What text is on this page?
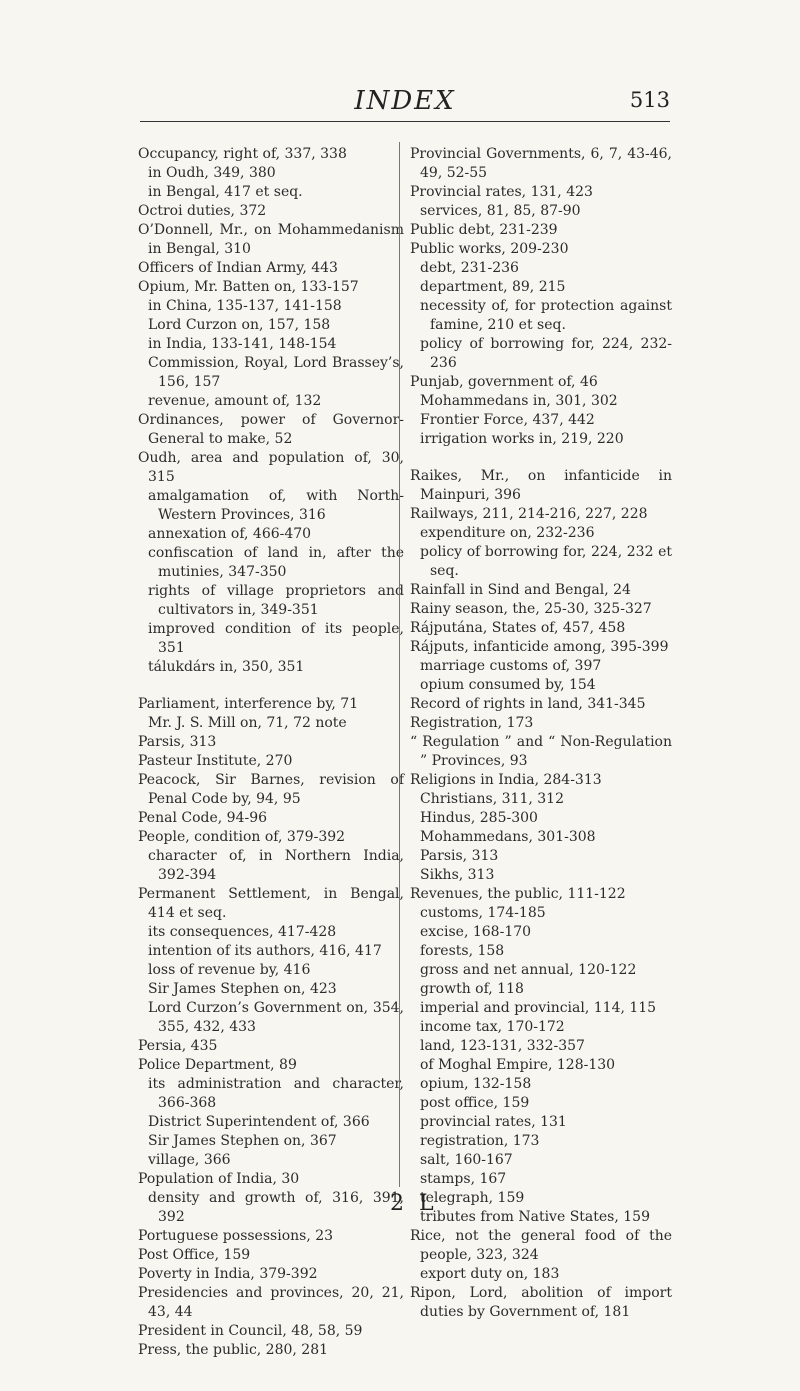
INDEX	513

Occupancy, right of, 337, 338

in Oudh, 349, 380

in Bengal, 417 et seq.

Octroi duties, 372

O’Donnell, Mr., on Mohammedanism in Bengal, 310

Officers of Indian Army, 443

Opium, Mr. Batten on, 133-157

in China, 135-137, 141-158

Lord Curzon on, 157, 158

in India, 133-141, 148-154

Commission, Royal, Lord Brassey’s, 156, 157

revenue, amount of, 132

Ordinances, power of Governor-General to make, 52

Oudh, area and population of, 30, 315

amalgamation of, with North-Western Provinces, 316

annexation of, 466-470

confiscation of land in, after the mutinies, 347-350

rights of village proprietors and cultivators in, 349-351

improved condition of its people, 351

tálukdárs in, 350, 351

Parliament, interference by, 71

Mr. J. S. Mill on, 71, 72 note

Parsis, 313

Pasteur Institute, 270

Peacock, Sir Barnes, revision of Penal Code by, 94, 95

Penal Code, 94-96

People, condition of, 379-392

character of, in Northern India, 392-394

Permanent Settlement, in Bengal, 414 et seq.

its consequences, 417-428

intention of its authors, 416, 417

loss of revenue by, 416

Sir James Stephen on, 423

Lord Curzon’s Government on, 354, 355, 432, 433

Persia, 435

Police Department, 89

its administration and character, 366-368

District Superintendent of, 366

Sir James Stephen on, 367

village, 366

Population of India, 30

density and growth of, 316, 391, 392

Portuguese possessions, 23

Post Office, 159

Poverty in India, 379-392

Presidencies and provinces, 20, 21, 43, 44

President in Council, 48, 58, 59

Press, the public, 280, 281

Provincial Governments, 6, 7, 43-46, 49, 52-55

Provincial rates, 131, 423

services, 81, 85, 87-90

Public debt, 231-239

Public works, 209-230

debt, 231-236

department, 89, 215

necessity of, for protection against famine, 210 et seq.

policy of borrowing for, 224, 232-236

Punjab, government of, 46

Mohammedans in, 301, 302

Frontier Force, 437, 442

irrigation works in, 219, 220

Raikes, Mr., on infanticide in Mainpuri, 396

Railways, 211, 214-216, 227, 228

expenditure on, 232-236

policy of borrowing for, 224, 232 et seq.

Rainfall in Sind and Bengal, 24

Rainy season, the, 25-30, 325-327

Rájputána, States of, 457, 458

Rájputs, infanticide among, 395-399

marriage customs of, 397

opium consumed by, 154

Record of rights in land, 341-345

Registration, 173

“ Regulation ” and “ Non-Regulation ” Provinces, 93

Religions in India, 284-313

Christians, 311, 312

Hindus, 285-300

Mohammedans, 301-308

Parsis, 313

Sikhs, 313

Revenues, the public, 111-122

customs, 174-185

excise, 168-170

forests, 158

gross and net annual, 120-122

growth of, 118

imperial and provincial, 114, 115

income tax, 170-172

land, 123-131, 332-357

of Moghal Empire, 128-130

opium, 132-158

post office, 159

provincial rates, 131

registration, 173

salt, 160-167

stamps, 167

telegraph, 159

tributes from Native States, 159

Rice, not the general food of the people, 323, 324

export duty on, 183

Ripon, Lord, abolition of import duties by Government of, 181

2 L
